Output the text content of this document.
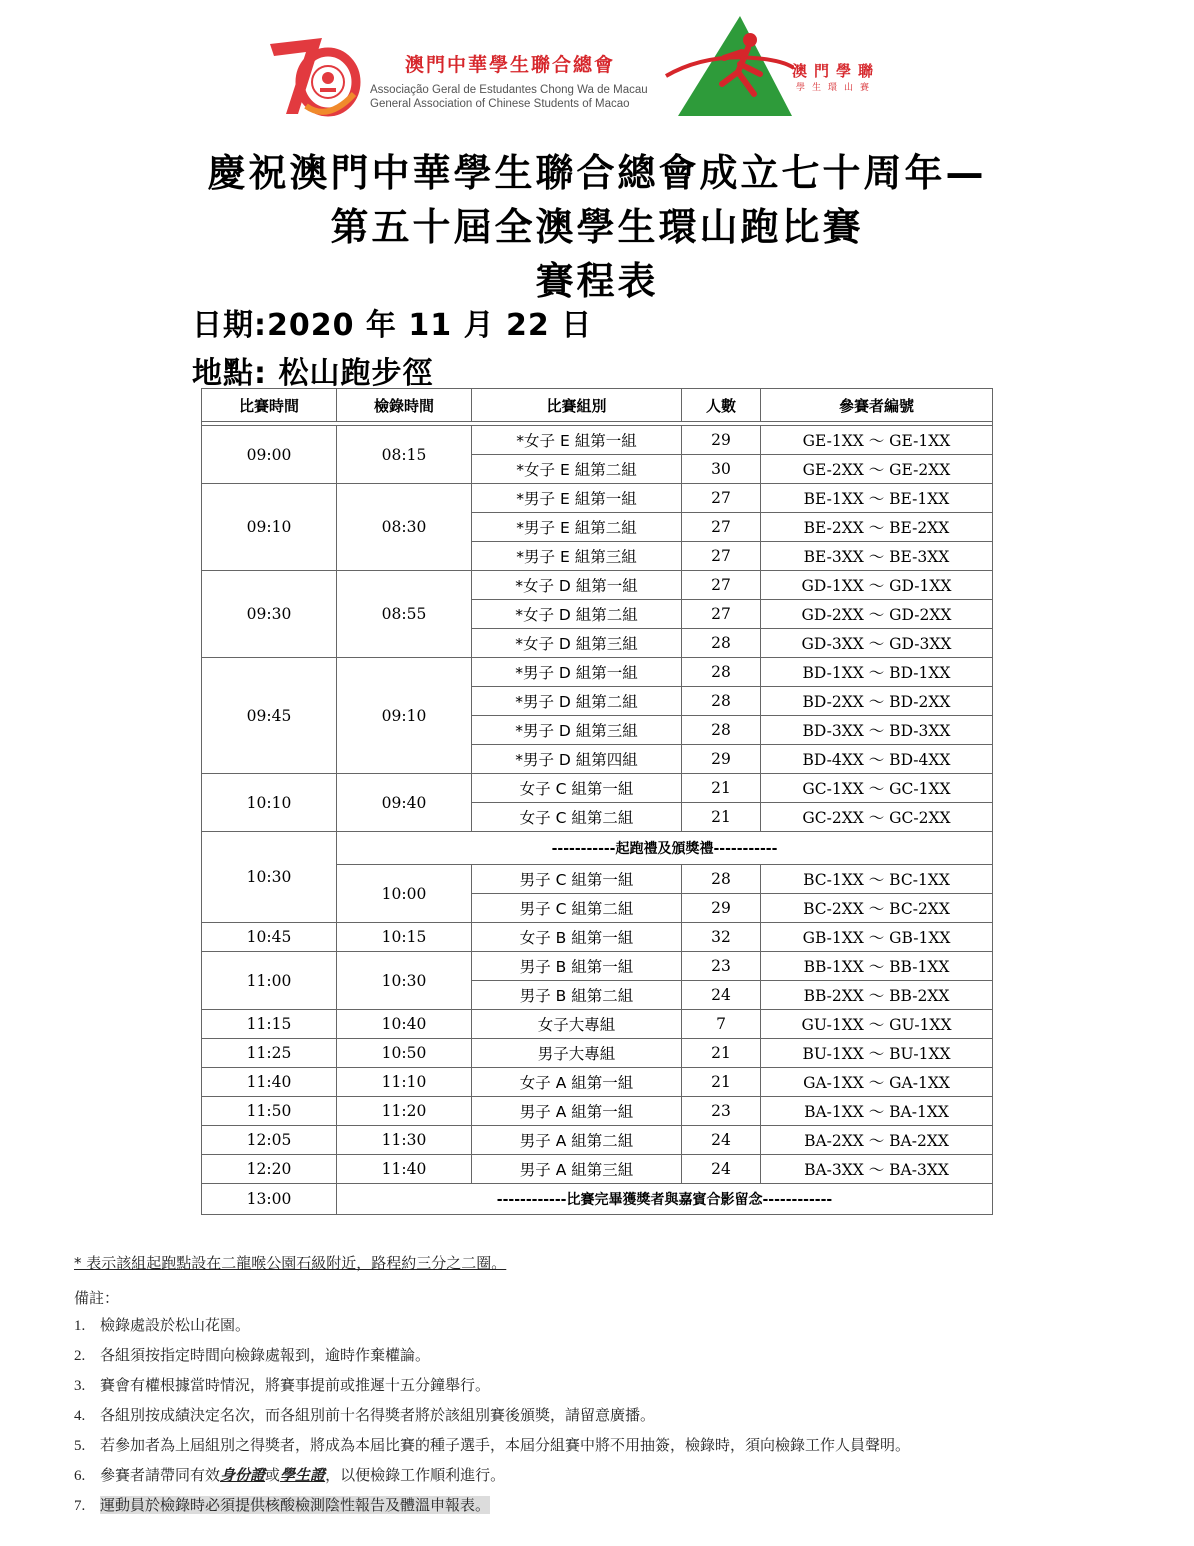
澳門中華學生聯合總會
Associação Geral de Estudantes Chong Wa de Macau
General Association of Chinese Students of Macao
澳門學聯
學生環山賽
慶祝澳門中華學生聯合總會成立七十周年—
第五十屆全澳學生環山跑比賽
賽程表
日期:2020 年 11 月 22 日
地點: 松山跑步徑
比賽時間	檢錄時間	比賽組別	人數	參賽者編號

09:00	08:15	*女子 E 組第一組	29	GE-1XX ～ GE-1XX
		*女子 E 組第二組	30	GE-2XX ～ GE-2XX
09:10	08:30	*男子 E 組第一組	27	BE-1XX ～ BE-1XX
		*男子 E 組第二組	27	BE-2XX ～ BE-2XX
		*男子 E 組第三組	27	BE-3XX ～ BE-3XX
09:30	08:55	*女子 D 組第一組	27	GD-1XX ～ GD-1XX
		*女子 D 組第二組	27	GD-2XX ～ GD-2XX
		*女子 D 組第三組	28	GD-3XX ～ GD-3XX
09:45	09:10	*男子 D 組第一組	28	BD-1XX ～ BD-1XX
		*男子 D 組第二組	28	BD-2XX ～ BD-2XX
		*男子 D 組第三組	28	BD-3XX ～ BD-3XX
		*男子 D 組第四組	29	BD-4XX ～ BD-4XX
10:10	09:40	女子 C 組第一組	21	GC-1XX ～ GC-1XX
		女子 C 組第二組	21	GC-2XX ～ GC-2XX
10:30	-----------起跑禮及頒獎禮-----------			
	10:00	男子 C 組第一組	28	BC-1XX ～ BC-1XX
		男子 C 組第二組	29	BC-2XX ～ BC-2XX
10:45	10:15	女子 B 組第一組	32	GB-1XX ～ GB-1XX
11:00	10:30	男子 B 組第一組	23	BB-1XX ～ BB-1XX
		男子 B 組第二組	24	BB-2XX ～ BB-2XX
11:15	10:40	女子大專組	7	GU-1XX ～ GU-1XX
11:25	10:50	男子大專組	21	BU-1XX ～ BU-1XX
11:40	11:10	女子 A 組第一組	21	GA-1XX ～ GA-1XX
11:50	11:20	男子 A 組第一組	23	BA-1XX ～ BA-1XX
12:05	11:30	男子 A 組第二組	24	BA-2XX ～ BA-2XX
12:20	11:40	男子 A 組第三組	24	BA-3XX ～ BA-3XX
13:00	------------比賽完畢獲獎者與嘉賓合影留念------------			
* 表示該組起跑點設在二龍喉公園石級附近，路程約三分之二圈。
備註：
1. 檢錄處設於松山花園。
2. 各組須按指定時間向檢錄處報到，逾時作棄權論。
3. 賽會有權根據當時情況，將賽事提前或推遲十五分鐘舉行。
4. 各組別按成績決定名次，而各組別前十名得獎者將於該組別賽後頒獎，請留意廣播。
5. 若參加者為上屆組別之得獎者，將成為本屆比賽的種子選手，本屆分組賽中將不用抽簽，檢錄時，須向檢錄工作人員聲明。
6. 參賽者請帶同有效身份證或學生證，以便檢錄工作順利進行。
7. 運動員於檢錄時必須提供核酸檢測陰性報告及體溫申報表。
